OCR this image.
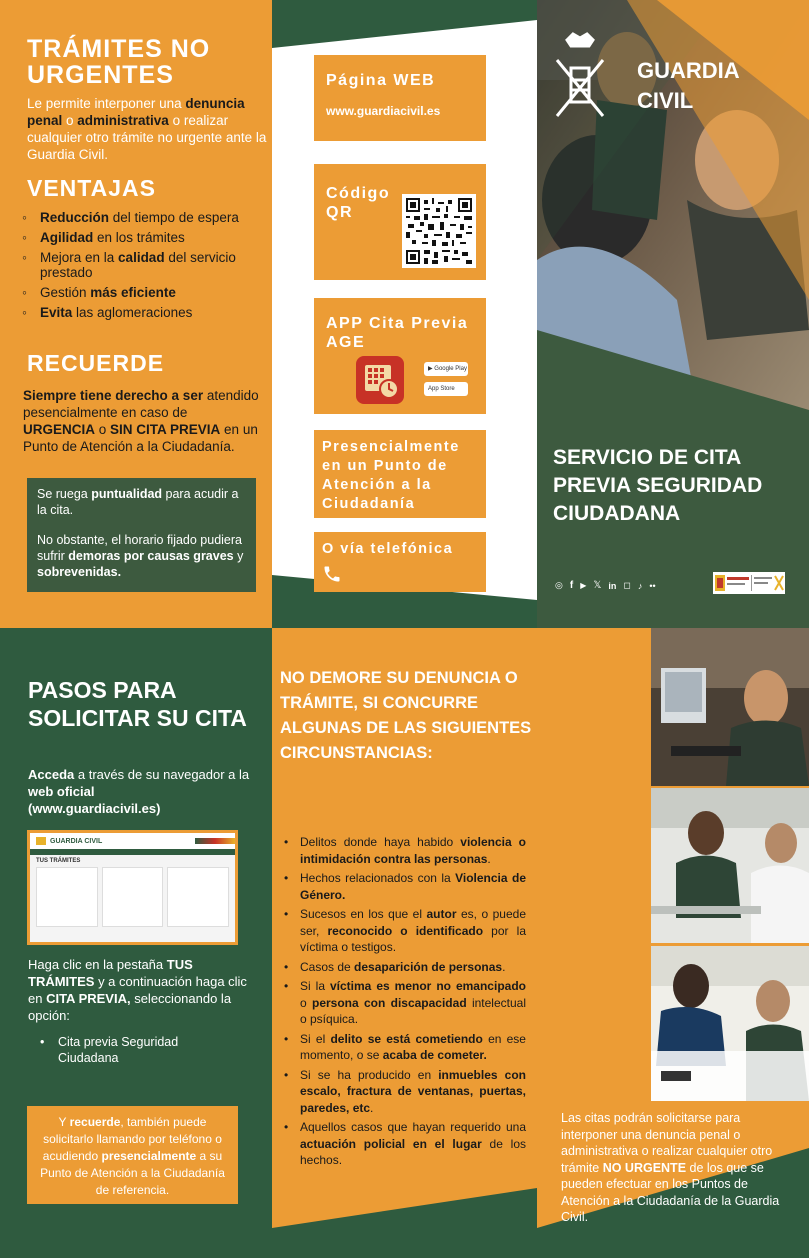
TRÁMITES NO URGENTES
Le permite interponer una denuncia penal o administrativa o realizar cualquier otro trámite no urgente ante la Guardia Civil.
VENTAJAS
◦ Reducción del tiempo de espera
◦ Agilidad en los trámites
◦ Mejora en la calidad del servicio prestado
◦ Gestión más eficiente
◦ Evita las aglomeraciones
RECUERDE
Siempre tiene derecho a ser atendido pesencialmente en caso de URGENCIA o SIN CITA PREVIA en un Punto de Atención a la Ciudadanía.

Se ruega puntualidad para acudir a la cita.

No obstante, el horario fijado pudiera sufrir demoras por causas graves y sobrevenidas.

Página WEB
www.guardiacivil.es
Código QR
APP Cita Previa AGE
▶ Google Play
App Store
Presencialmente en un Punto de Atención a la Ciudadanía
O vía telefónica
GUARDIA CIVIL
SERVICIO DE CITA PREVIA SEGURIDAD CIUDADANA
◎ f ▶ 𝕏 in ◻ ♪ ••
PASOS PARA SOLICITAR SU CITA
Acceda a través de su navegador a la web oficial
(www.guardiacivil.es)
GUARDIA CIVIL
TUS TRÁMITES
Haga clic en la pestaña TUS TRÁMITES y a continuación haga clic en CITA PREVIA, seleccionando la opción:
• Cita previa Seguridad Ciudadana
Y recuerde, también puede solicitarlo llamando por teléfono o acudiendo presencialmente a su Punto de Atención a la Ciudadanía de referencia.
NO DEMORE SU DENUNCIA O TRÁMITE, SI CONCURRE ALGUNAS DE LAS SIGUIENTES CIRCUNSTANCIAS:
• Delitos donde haya habido violencia o intimidación contra las personas.
• Hechos relacionados con la Violencia de Género.
• Sucesos en los que el autor es, o puede ser, reconocido o identificado por la víctima o testigos.
• Casos de desaparición de personas.
• Si la víctima es menor no emancipado o persona con discapacidad intelectual o psíquica.
• Si el delito se está cometiendo en ese momento, o se acaba de cometer.
• Si se ha producido en inmuebles con escalo, fractura de ventanas, puertas, paredes, etc.
• Aquellos casos que hayan requerido una actuación policial en el lugar de los hechos.
Las citas podrán solicitarse para interponer una denuncia penal o administrativa o realizar cualquier otro trámite NO URGENTE de los que se pueden efectuar en los Puntos de Atención a la Ciudadanía de la Guardia Civil.
